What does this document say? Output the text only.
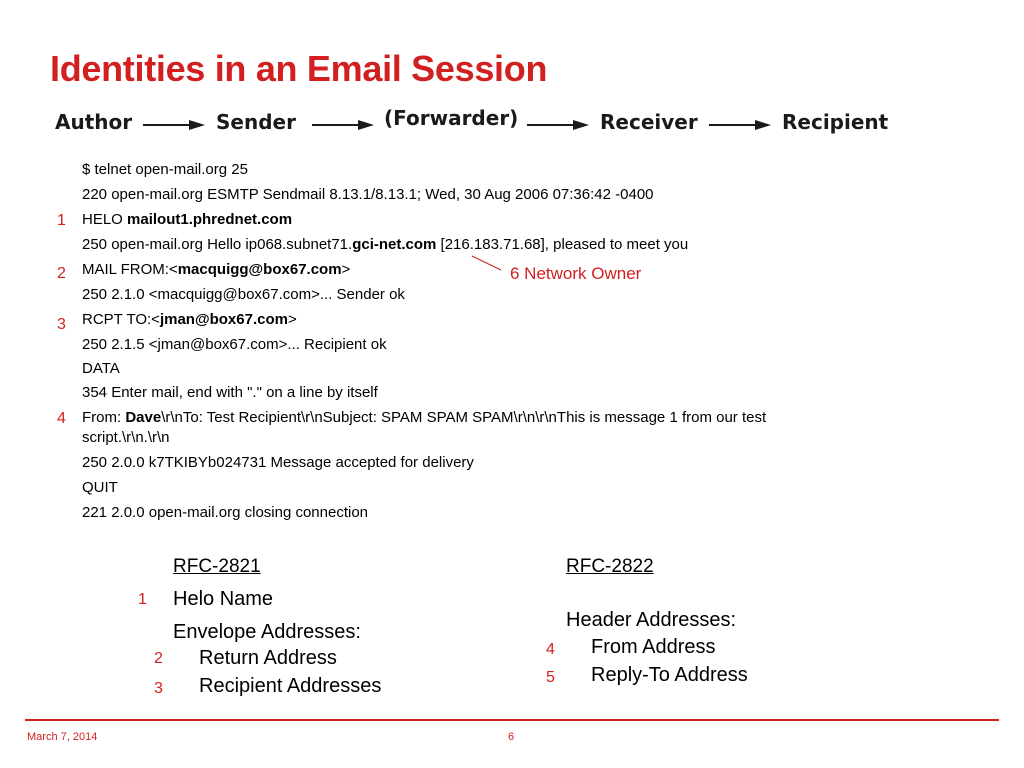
Identities in an Email Session
Author	Sender	(Forwarder)	Receiver	Recipient
$ telnet open-mail.org 25
220 open-mail.org ESMTP Sendmail 8.13.1/8.13.1; Wed, 30 Aug 2006 07:36:42 -0400
1 HELO mailout1.phrednet.com
250 open-mail.org Hello ip068.subnet71.gci-net.com [216.183.71.68], pleased to meet you
6 Network Owner
2 MAIL FROM:<macquigg@box67.com>
250 2.1.0 <macquigg@box67.com>... Sender ok
3 RCPT TO:<jman@box67.com>
250 2.1.5 <jman@box67.com>... Recipient ok
DATA
354 Enter mail, end with "." on a line by itself
4 From: Dave\r\nTo: Test Recipient\r\nSubject: SPAM SPAM SPAM\r\n\r\nThis is message 1 from our test
script.\r\n.\r\n
250 2.0.0 k7TKIBYb024731 Message accepted for delivery
QUIT
221 2.0.0 open-mail.org closing connection
RFC-2821
1 Helo Name
Envelope Addresses:
2 Return Address
3 Recipient Addresses
RFC-2822
Header Addresses:
4 From Address
5 Reply-To Address
March 7, 2014	6
